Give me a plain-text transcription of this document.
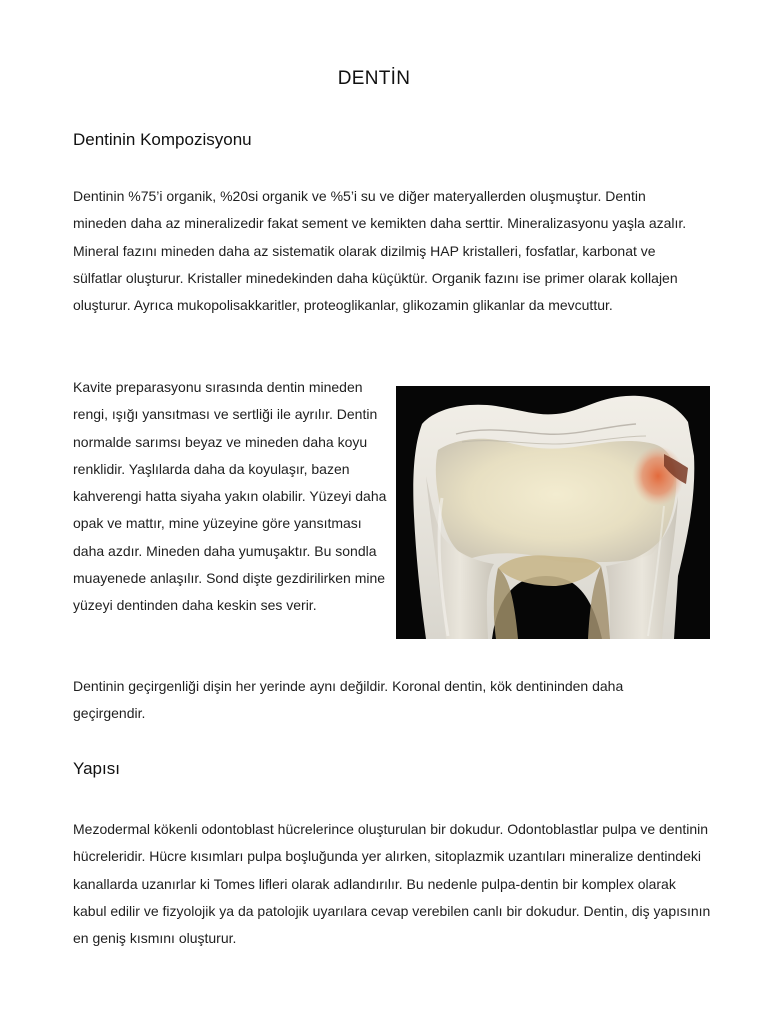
DENTİN
Dentinin Kompozisyonu

Dentinin %75’i organik, %20si organik ve %5’i su ve diğer materyallerden oluşmuştur. Dentin mineden daha az mineralizedir fakat sement ve kemikten daha serttir. Mineralizasyonu yaşla azalır. Mineral fazını mineden daha az sistematik olarak dizilmiş HAP kristalleri, fosfatlar, karbonat ve sülfatlar oluşturur. Kristaller minedekinden daha küçüktür. Organik fazını ise primer olarak kollajen oluşturur. Ayrıca mukopolisakkaritler, proteoglikanlar, glikozamin glikanlar da mevcuttur.

Kavite preparasyonu sırasında dentin mineden rengi, ışığı yansıtması ve sertliği ile ayrılır. Dentin normalde sarımsı beyaz ve mineden daha koyu renklidir. Yaşlılarda daha da koyulaşır, bazen kahverengi hatta siyaha yakın olabilir. Yüzeyi daha opak ve mattır, mine yüzeyine göre yansıtması daha azdır. Mineden daha yumuşaktır. Bu sondla muayenede anlaşılır. Sond dişte gezdirilirken mine yüzeyi dentinden daha keskin ses verir.

Dentinin geçirgenliği dişin her yerinde aynı değildir. Koronal dentin, kök dentininden daha geçirgendir.

Yapısı

Mezodermal kökenli odontoblast hücrelerince oluşturulan bir dokudur. Odontoblastlar pulpa ve dentinin hücreleridir. Hücre kısımları pulpa boşluğunda yer alırken, sitoplazmik uzantıları mineralize dentindeki kanallarda uzanırlar ki Tomes lifleri olarak adlandırılır. Bu nedenle pulpa-dentin bir komplex olarak kabul edilir ve fizyolojik ya da patolojik uyarılara cevap verebilen canlı bir dokudur. Dentin, diş yapısının en geniş kısmını oluşturur.
